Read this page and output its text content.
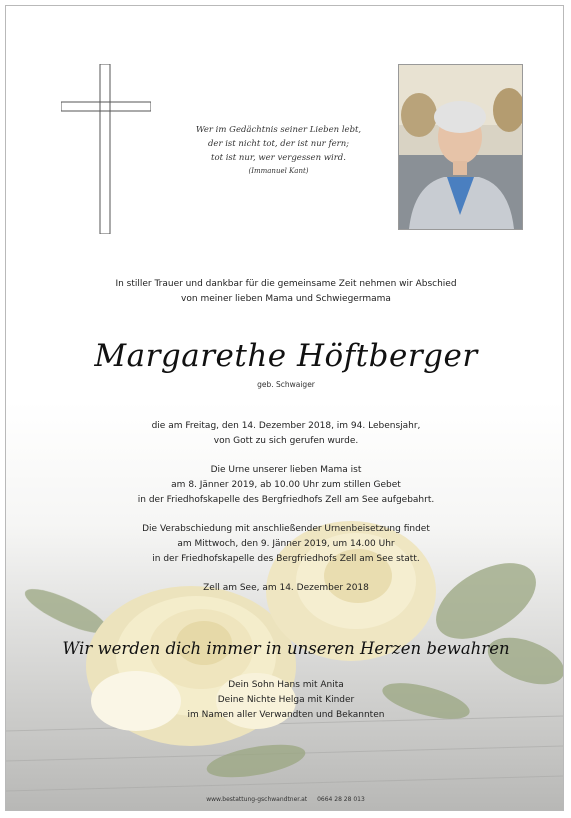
Wer im Gedächtnis seiner Lieben lebt,
der ist nicht tot, der ist nur fern;
tot ist nur, wer vergessen wird.
(Immanuel Kant)
In stiller Trauer und dankbar für die gemeinsame Zeit nehmen wir Abschied
von meiner lieben Mama und Schwiegermama
Margarethe Höftberger
geb. Schwaiger
die am Freitag, den 14. Dezember 2018, im 94. Lebensjahr,
von Gott zu sich gerufen wurde.
Die Urne unserer lieben Mama ist
am 8. Jänner 2019, ab 10.00 Uhr zum stillen Gebet
in der Friedhofskapelle des Bergfriedhofs Zell am See aufgebahrt.
Die Verabschiedung mit anschließender Urnenbeisetzung findet
am Mittwoch, den 9. Jänner 2019, um 14.00 Uhr
in der Friedhofskapelle des Bergfriedhofs Zell am See statt.
Zell am See, am 14. Dezember 2018
Wir werden dich immer in unseren Herzen bewahren
Dein Sohn Hans mit Anita
Deine Nichte Helga mit Kinder
im Namen aller Verwandten und Bekannten
www.bestattung-gschwandtner.at 0664 28 28 013
